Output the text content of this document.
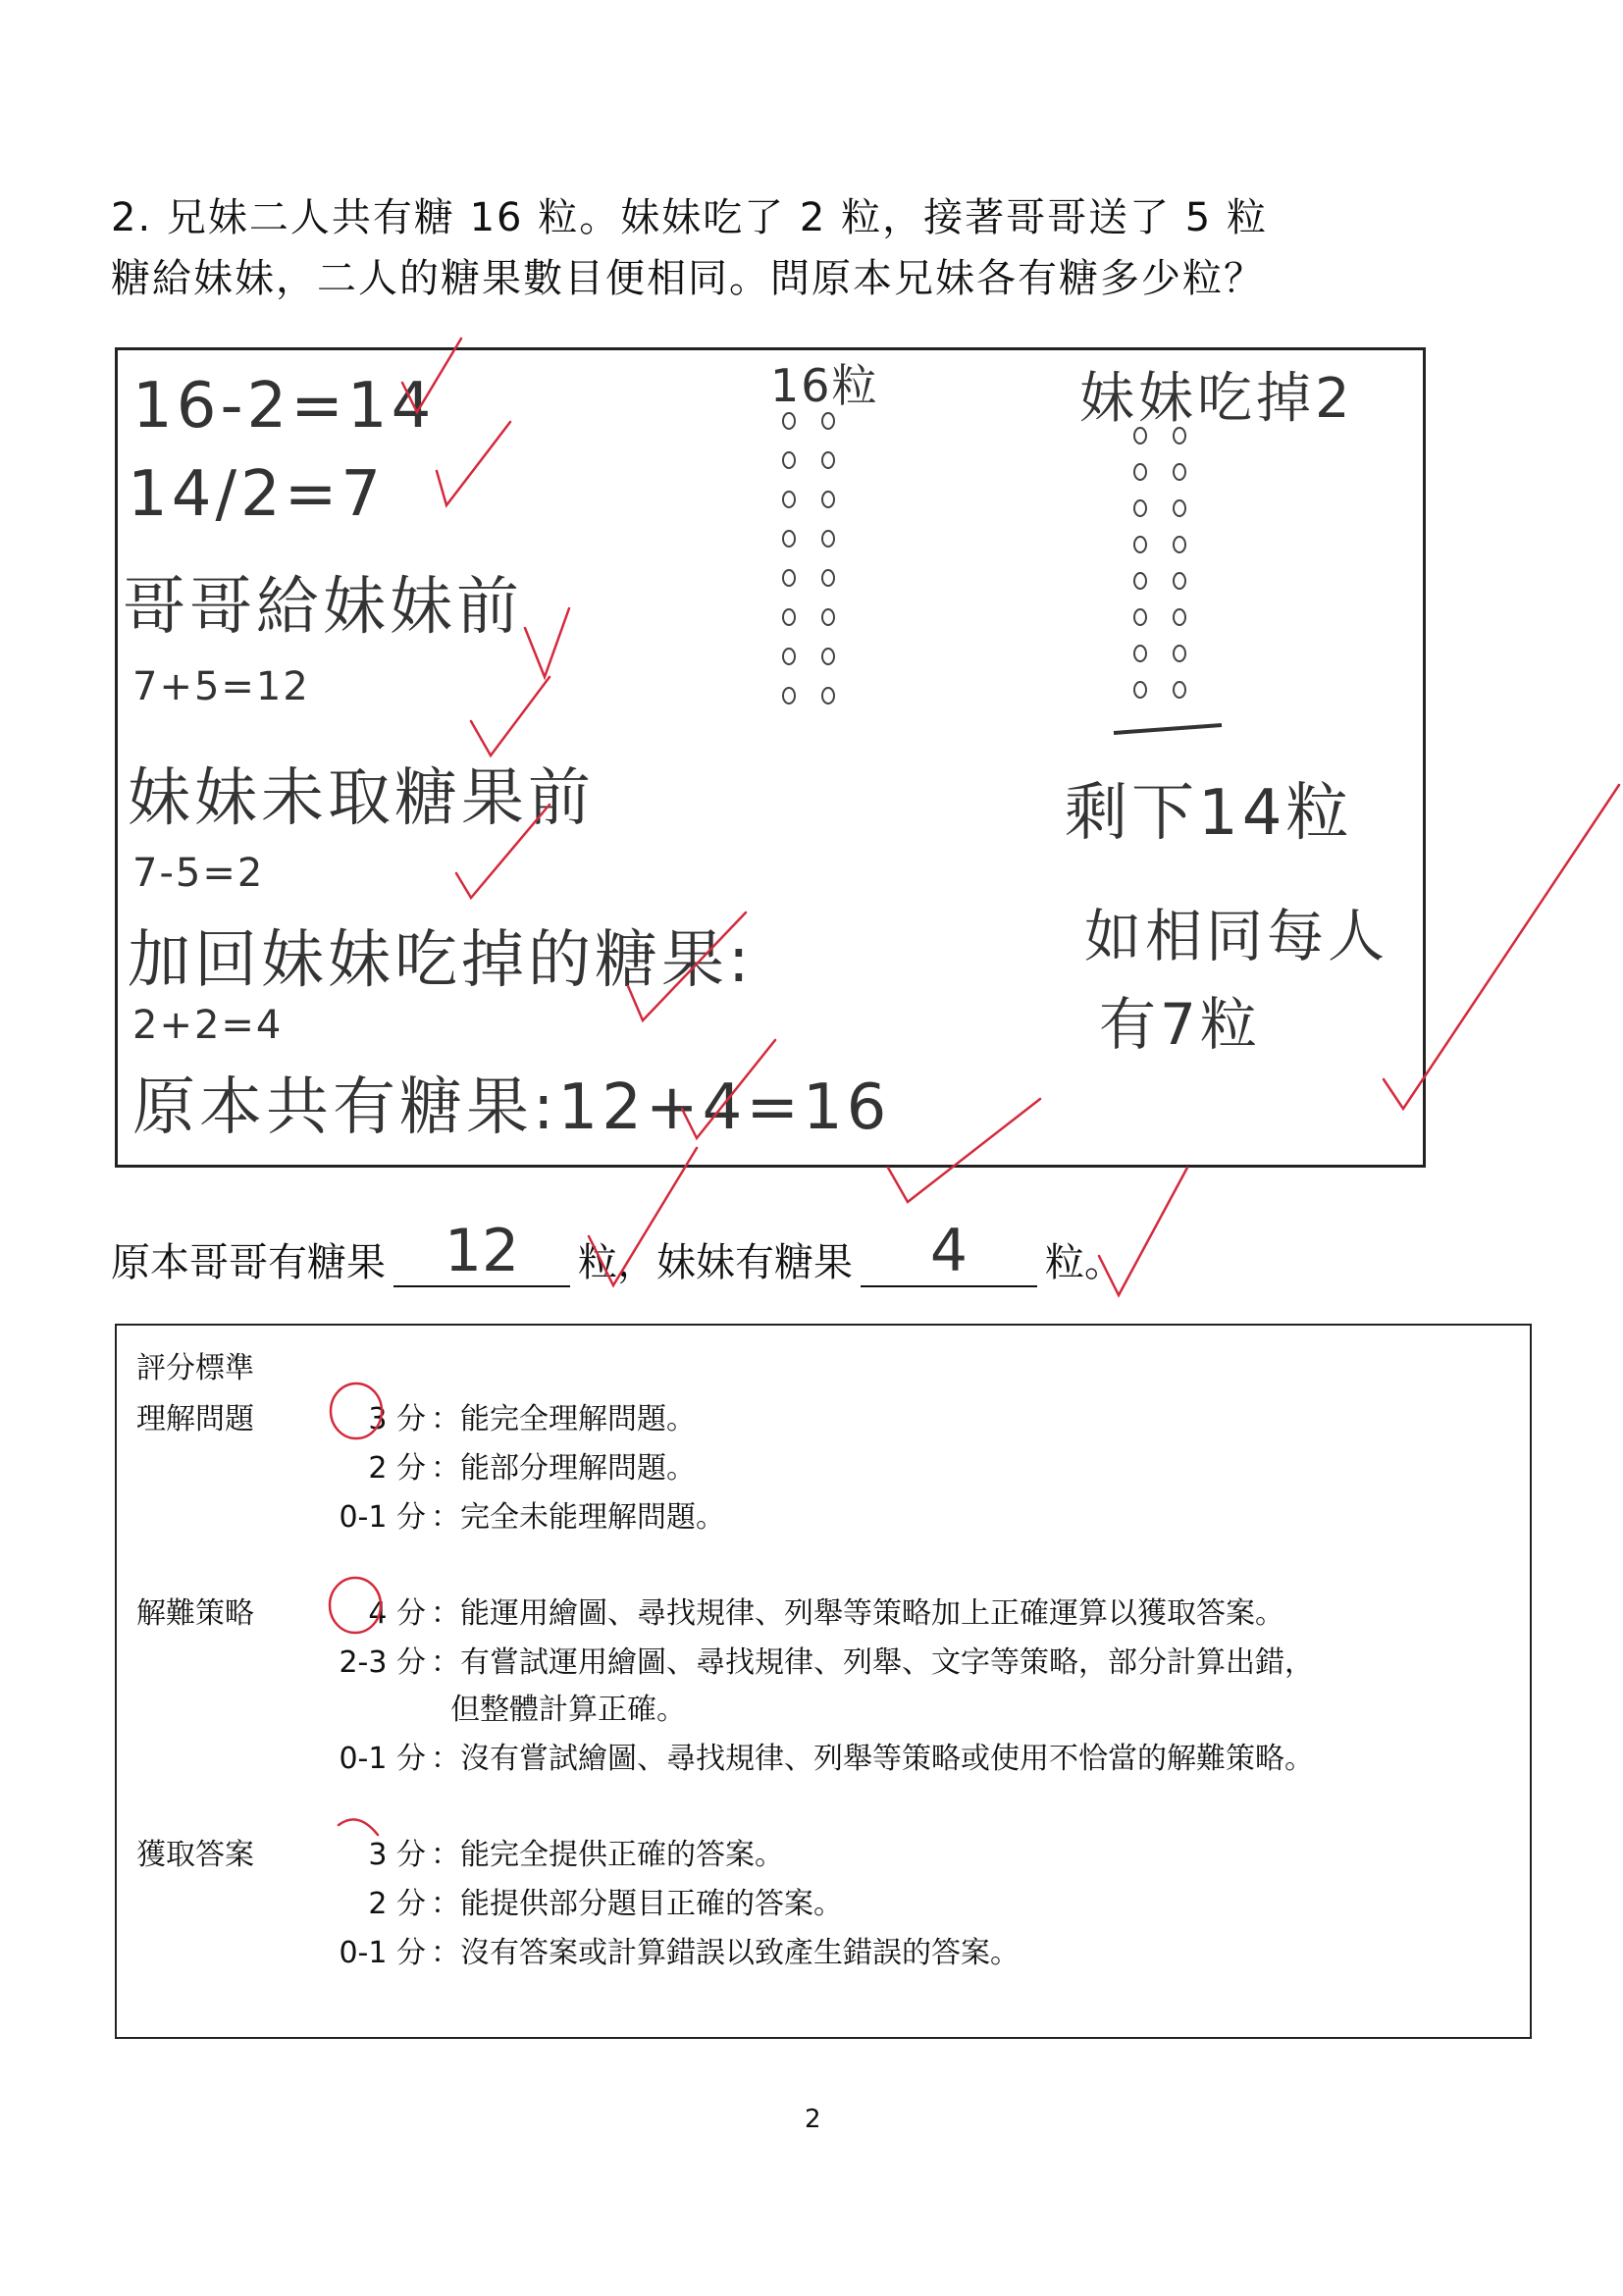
2. 兄妹二人共有糖 16 粒。妹妹吃了 2 粒，接著哥哥送了 5 粒
糖給妹妹，二人的糖果數目便相同。問原本兄妹各有糖多少粒？
16-2=14
14/2=7
哥哥給妹妹前
7+5=12
妹妹未取糖果前
7-5=2
加回妹妹吃掉的糖果:
2+2=4
原本共有糖果:12+4=16
16粒	妹妹吃掉2
剩下14粒
如相同每人
有7粒
原本哥哥有糖果 12 粒，妹妹有糖果 4 粒。
評分標準
理解問題	3 分 ：能完全理解問題。
2 分 ：能部分理解問題。
0-1 分 ：完全未能理解問題。
解難策略	4 分 ：能運用繪圖、尋找規律、列舉等策略加上正確運算以獲取答案。
2-3 分 ：有嘗試運用繪圖、尋找規律、列舉、文字等策略，部分計算出錯，
但整體計算正確。
0-1 分 ：沒有嘗試繪圖、尋找規律、列舉等策略或使用不恰當的解難策略。
獲取答案	3 分 ：能完全提供正確的答案。
2 分 ：能提供部分題目正確的答案。
0-1 分 ：沒有答案或計算錯誤以致產生錯誤的答案。
2
